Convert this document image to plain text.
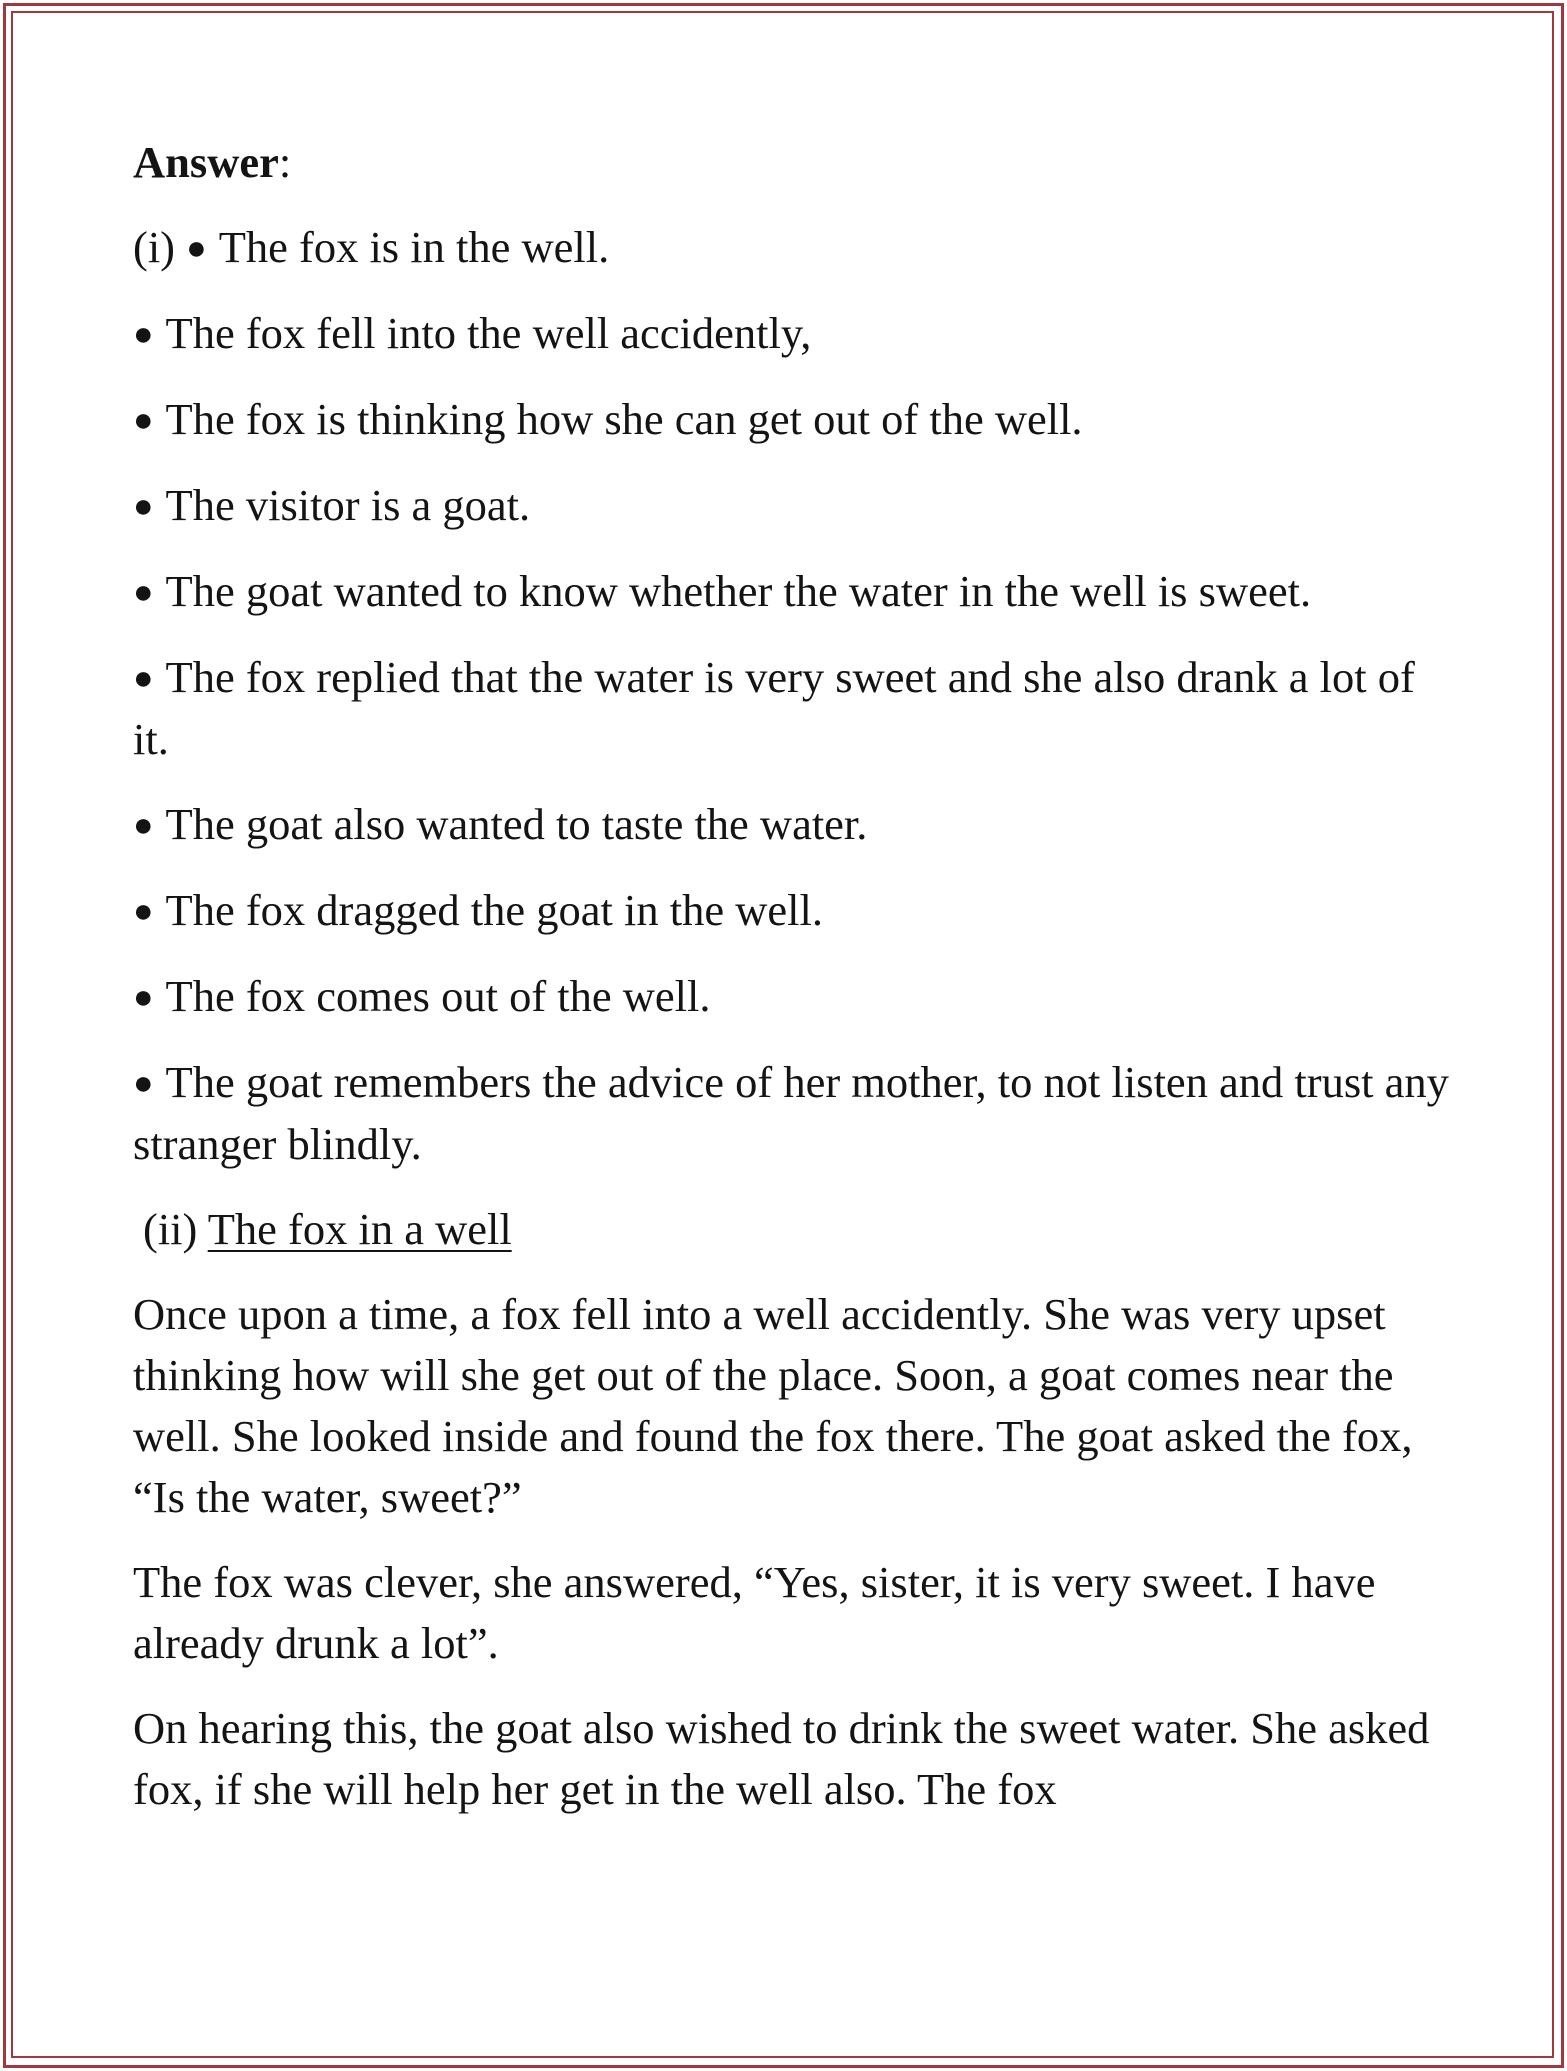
Answer:

(i) ● The fox is in the well.

● The fox fell into the well accidently,

● The fox is thinking how she can get out of the well.

● The visitor is a goat.

● The goat wanted to know whether the water in the well is sweet.

● The fox replied that the water is very sweet and she also drank a lot of it.

● The goat also wanted to taste the water.

● The fox dragged the goat in the well.

● The fox comes out of the well.

● The goat remembers the advice of her mother, to not listen and trust any stranger blindly.

(ii) The fox in a well

Once upon a time, a fox fell into a well accidently. She was very upset thinking how will she get out of the place. Soon, a goat comes near the well. She looked inside and found the fox there. The goat asked the fox, “Is the water, sweet?”

The fox was clever, she answered, “Yes, sister, it is very sweet. I have already drunk a lot”.

On hearing this, the goat also wished to drink the sweet water. She asked fox, if she will help her get in the well also. The fox
